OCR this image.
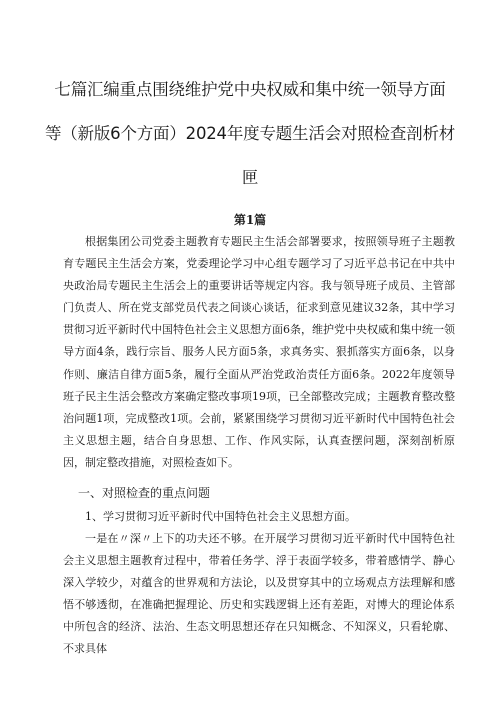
七篇汇编重点围绕维护党中央权威和集中统一领导方面
等（新版6个方面）2024年度专题生活会对照检查剖析材
匣
第1篇

根据集团公司党委主题教育专题民主生活会部署要求，按照领导班子主题教育专题民主生活会方案，党委理论学习中心组专题学习了习近平总书记在中共中央政治局专题民主生活会上的重要讲话等规定内容。我与领导班子成员、主管部门负责人、所在党支部党员代表之间谈心谈话，征求到意见建议32条，其中学习贯彻习近平新时代中国特色社会主义思想方面6条，维护党中央权威和集中统一领导方面4条，践行宗旨、服务人民方面5条，求真务实、狠抓落实方面6条，以身作则、廉洁自律方面5条，履行全面从严治党政治责任方面6条。2022年度领导班子民主生活会整改方案确定整改事项19项，已全部整改完成；主题教育整改整治问题1项，完成整改1项。会前，紧紧围绕学习贯彻习近平新时代中国特色社会主义思想主题，结合自身思想、工作、作风实际，认真查摆问题，深刻剖析原因，制定整改措施，对照检查如下。

一、对照检查的重点问题

1、学习贯彻习近平新时代中国特色社会主义思想方面。

一是在〃深〃上下的功夫还不够。在开展学习贯彻习近平新时代中国特色社会主义思想主题教育过程中，带着任务学、浮于表面学较多，带着感情学、静心深入学较少，对蕴含的世界观和方法论，以及贯穿其中的立场观点方法理解和感悟不够透彻，在准确把握理论、历史和实践逻辑上还有差距，对博大的理论体系中所包含的经济、法治、生态文明思想还存在只知概念、不知深义，只看轮廓、不求具体
